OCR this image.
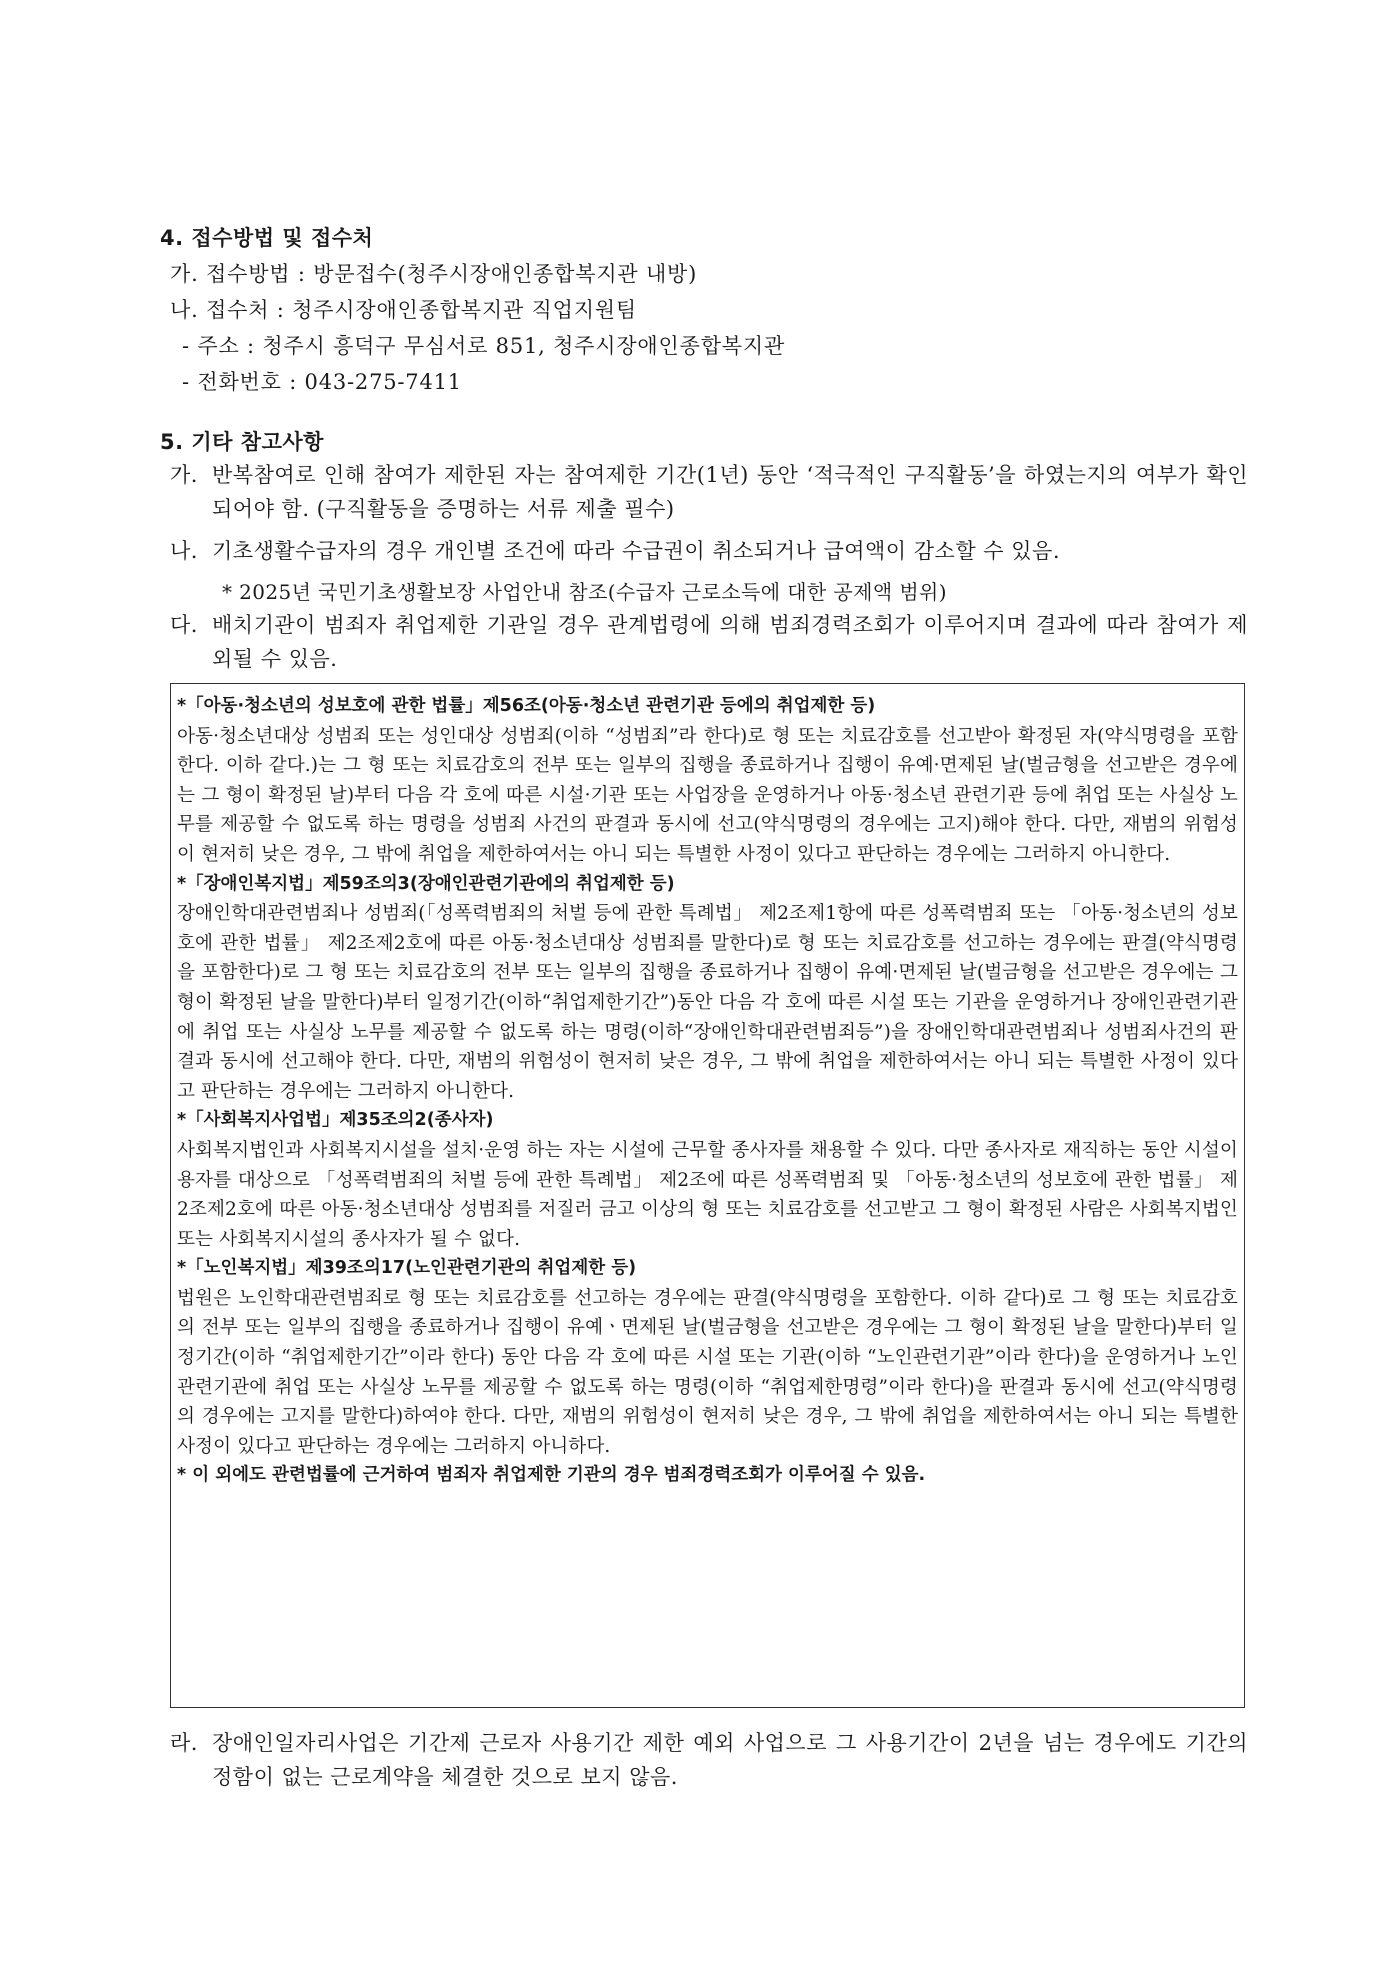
4. 접수방법 및 접수처
가. 접수방법 : 방문접수(청주시장애인종합복지관 내방)
나. 접수처 : 청주시장애인종합복지관 직업지원팀
- 주소 : 청주시 흥덕구 무심서로 851, 청주시장애인종합복지관
- 전화번호 : 043-275-7411
5. 기타 참고사항
가. 반복참여로 인해 참여가 제한된 자는 참여제한 기간(1년) 동안 ‘적극적인 구직활동’을 하였는지의 여부가 확인되어야 함. (구직활동을 증명하는 서류 제출 필수)
나. 기초생활수급자의 경우 개인별 조건에 따라 수급권이 취소되거나 급여액이 감소할 수 있음.
* 2025년 국민기초생활보장 사업안내 참조(수급자 근로소득에 대한 공제액 범위)
다. 배치기관이 범죄자 취업제한 기관일 경우 관계법령에 의해 범죄경력조회가 이루어지며 결과에 따라 참여가 제외될 수 있음.
*「아동·청소년의 성보호에 관한 법률」제56조(아동·청소년 관련기관 등에의 취업제한 등)
아동·청소년대상 성범죄 또는 성인대상 성범죄(이하 “성범죄”라 한다)로 형 또는 치료감호를 선고받아 확정된 자(약식명령을 포함한다. 이하 같다.)는 그 형 또는 치료감호의 전부 또는 일부의 집행을 종료하거나 집행이 유예·면제된 날(벌금형을 선고받은 경우에는 그 형이 확정된 날)부터 다음 각 호에 따른 시설·기관 또는 사업장을 운영하거나 아동·청소년 관련기관 등에 취업 또는 사실상 노무를 제공할 수 없도록 하는 명령을 성범죄 사건의 판결과 동시에 선고(약식명령의 경우에는 고지)해야 한다. 다만, 재범의 위험성이 현저히 낮은 경우, 그 밖에 취업을 제한하여서는 아니 되는 특별한 사정이 있다고 판단하는 경우에는 그러하지 아니한다.
*「장애인복지법」제59조의3(장애인관련기관에의 취업제한 등)
장애인학대관련범죄나 성범죄(「성폭력범죄의 처벌 등에 관한 특례법」 제2조제1항에 따른 성폭력범죄 또는 「아동·청소년의 성보호에 관한 법률」 제2조제2호에 따른 아동·청소년대상 성범죄를 말한다)로 형 또는 치료감호를 선고하는 경우에는 판결(약식명령을 포함한다)로 그 형 또는 치료감호의 전부 또는 일부의 집행을 종료하거나 집행이 유예·면제된 날(벌금형을 선고받은 경우에는 그 형이 확정된 날을 말한다)부터 일정기간(이하“취업제한기간”)동안 다음 각 호에 따른 시설 또는 기관을 운영하거나 장애인관련기관에 취업 또는 사실상 노무를 제공할 수 없도록 하는 명령(이하“장애인학대관련범죄등”)을 장애인학대관련범죄나 성범죄사건의 판결과 동시에 선고해야 한다. 다만, 재범의 위험성이 현저히 낮은 경우, 그 밖에 취업을 제한하여서는 아니 되는 특별한 사정이 있다고 판단하는 경우에는 그러하지 아니한다.
*「사회복지사업법」제35조의2(종사자)
사회복지법인과 사회복지시설을 설치·운영 하는 자는 시설에 근무할 종사자를 채용할 수 있다. 다만 종사자로 재직하는 동안 시설이용자를 대상으로 「성폭력범죄의 처벌 등에 관한 특례법」 제2조에 따른 성폭력범죄 및 「아동·청소년의 성보호에 관한 법률」 제2조제2호에 따른 아동·청소년대상 성범죄를 저질러 금고 이상의 형 또는 치료감호를 선고받고 그 형이 확정된 사람은 사회복지법인 또는 사회복지시설의 종사자가 될 수 없다.
*「노인복지법」제39조의17(노인관련기관의 취업제한 등)
법원은 노인학대관련범죄로 형 또는 치료감호를 선고하는 경우에는 판결(약식명령을 포함한다. 이하 같다)로 그 형 또는 치료감호의 전부 또는 일부의 집행을 종료하거나 집행이 유예ㆍ면제된 날(벌금형을 선고받은 경우에는 그 형이 확정된 날을 말한다)부터 일정기간(이하 “취업제한기간”이라 한다) 동안 다음 각 호에 따른 시설 또는 기관(이하 “노인관련기관”이라 한다)을 운영하거나 노인관련기관에 취업 또는 사실상 노무를 제공할 수 없도록 하는 명령(이하 “취업제한명령”이라 한다)을 판결과 동시에 선고(약식명령의 경우에는 고지를 말한다)하여야 한다. 다만, 재범의 위험성이 현저히 낮은 경우, 그 밖에 취업을 제한하여서는 아니 되는 특별한 사정이 있다고 판단하는 경우에는 그러하지 아니하다.
* 이 외에도 관련법률에 근거하여 범죄자 취업제한 기관의 경우 범죄경력조회가 이루어질 수 있음.
라. 장애인일자리사업은 기간제 근로자 사용기간 제한 예외 사업으로 그 사용기간이 2년을 넘는 경우에도 기간의 정함이 없는 근로계약을 체결한 것으로 보지 않음.
